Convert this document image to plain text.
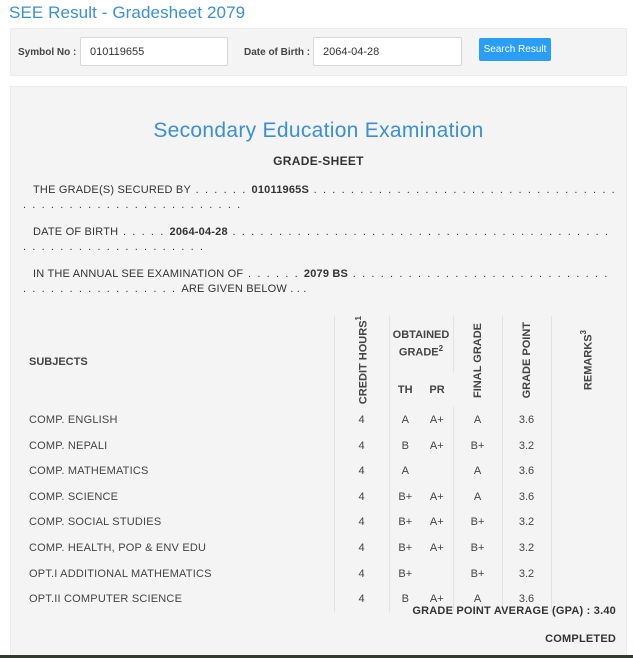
SEE Result - Gradesheet 2079
Symbol No :
010119655	Date of Birth :
2064-04-28	Search Result
Secondary Education Examination
GRADE-SHEET
THE GRADE(S) SECURED BY . . . . . . 01011965S . . . . . . . . . . . . . . . . . . . . . . . . . . . . . . . . . . . . . . . . . . . . . . . . . . . . . . . . .
DATE OF BIRTH . . . . . 2064-04-28 . . . . . . . . . . . . . . . . . . . . . . . . . . . . . . . . . . . . . . . . . . . . . . . . . . . . . . . . . . . . .
IN THE ANNUAL SEE EXAMINATION OF . . . . . . 2079 BS . . . . . . . . . . . . . . . . . . . . . . . . . . . . . . . . . . . . . . . . . . . . . ARE GIVEN BELOW . . .
SUBJECTS	CREDIT HOURS$^1$	OBTAINED GRADE$^2$		FINAL GRADE	GRADE POINT	REMARKS$^3$
		TH	PR			
COMP. ENGLISH	4	A	A+	A	3.6	
COMP. NEPALI	4	B	A+	B+	3.2	
COMP. MATHEMATICS	4	A		A	3.6	
COMP. SCIENCE	4	B+	A+	A	3.6	
COMP. SOCIAL STUDIES	4	B+	A+	B+	3.2	
COMP. HEALTH, POP & ENV EDU	4	B+	A+	B+	3.2	
OPT.I ADDITIONAL MATHEMATICS	4	B+		B+	3.2	
OPT.II COMPUTER SCIENCE	4	B	A+	A	3.6	
GRADE POINT AVERAGE (GPA) : 3.40
COMPLETED
